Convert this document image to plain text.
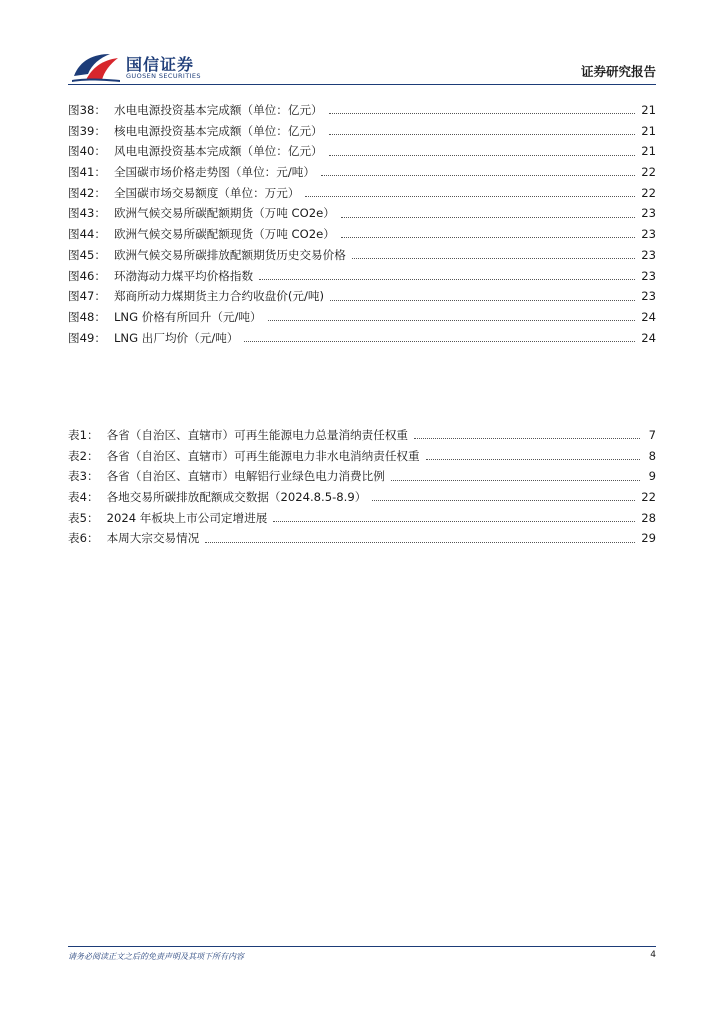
国信证券
GUOSEN SECURITIES	证券研究报告
图38： 水电电源投资基本完成额（单位：亿元）	21
图39： 核电电源投资基本完成额（单位：亿元）	21
图40： 风电电源投资基本完成额（单位：亿元）	21
图41： 全国碳市场价格走势图（单位：元/吨）	22
图42： 全国碳市场交易额度（单位：万元）	22
图43： 欧洲气候交易所碳配额期货（万吨 CO2e）	23
图44： 欧洲气候交易所碳配额现货（万吨 CO2e）	23
图45： 欧洲气候交易所碳排放配额期货历史交易价格	23
图46： 环渤海动力煤平均价格指数	23
图47： 郑商所动力煤期货主力合约收盘价(元/吨)	23
图48： LNG 价格有所回升（元/吨）	24
图49： LNG 出厂均价（元/吨）	24
表1： 各省（自治区、直辖市）可再生能源电力总量消纳责任权重	7
表2： 各省（自治区、直辖市）可再生能源电力非水电消纳责任权重	8
表3： 各省（自治区、直辖市）电解铝行业绿色电力消费比例	9
表4： 各地交易所碳排放配额成交数据（2024.8.5-8.9）	22
表5： 2024 年板块上市公司定增进展	28
表6： 本周大宗交易情况	29
请务必阅读正文之后的免责声明及其项下所有内容	4
